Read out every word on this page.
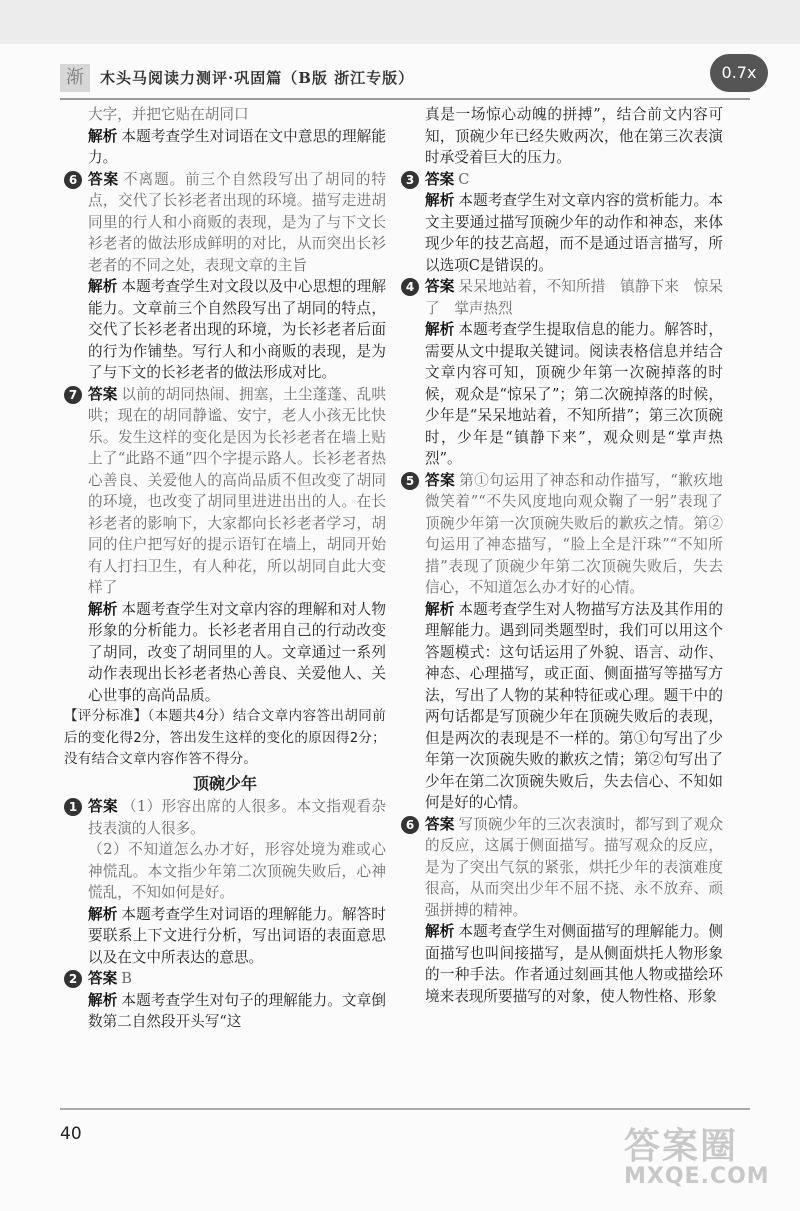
渐	木头马阅读力测评·巩固篇（B版 浙江专版）	0.7x

大字，并把它贴在胡同口

解析 本题考查学生对词语在文中意思的理解能力。

6 答案 不离题。前三个自然段写出了胡同的特点，交代了长衫老者出现的环境。描写走进胡同里的行人和小商贩的表现，是为了与下文长衫老者的做法形成鲜明的对比，从而突出长衫老者的不同之处，表现文章的主旨

解析 本题考查学生对文段以及中心思想的理解能力。文章前三个自然段写出了胡同的特点，交代了长衫老者出现的环境，为长衫老者后面的行为作铺垫。写行人和小商贩的表现，是为了与下文的长衫老者的做法形成对比。

7 答案 以前的胡同热闹、拥塞，土尘蓬蓬、乱哄哄；现在的胡同静谧、安宁，老人小孩无比快乐。发生这样的变化是因为长衫老者在墙上贴上了“此路不通”四个字提示路人。长衫老者热心善良、关爱他人的高尚品质不但改变了胡同的环境，也改变了胡同里进进出出的人。在长衫老者的影响下，大家都向长衫老者学习，胡同的住户把写好的提示语钉在墙上，胡同开始有人打扫卫生，有人种花，所以胡同自此大变样了

解析 本题考查学生对文章内容的理解和对人物形象的分析能力。长衫老者用自己的行动改变了胡同，改变了胡同里的人。文章通过一系列动作表现出长衫老者热心善良、关爱他人、关心世事的高尚品质。

【评分标准】（本题共4分）结合文章内容答出胡同前后的变化得2分，答出发生这样的变化的原因得2分；没有结合文章内容作答不得分。

顶碗少年

1 答案 （1）形容出席的人很多。本文指观看杂技表演的人很多。

（2）不知道怎么办才好，形容处境为难或心神慌乱。本文指少年第二次顶碗失败后，心神慌乱，不知如何是好。

解析 本题考查学生对词语的理解能力。解答时要联系上下文进行分析，写出词语的表面意思以及在文中所表达的意思。

2 答案 B

解析 本题考查学生对句子的理解能力。文章倒数第二自然段开头写“这

真是一场惊心动魄的拼搏”，结合前文内容可知，顶碗少年已经失败两次，他在第三次表演时承受着巨大的压力。

3 答案 C

解析 本题考查学生对文章内容的赏析能力。本文主要通过描写顶碗少年的动作和神态，来体现少年的技艺高超，而不是通过语言描写，所以选项C是错误的。

4 答案 呆呆地站着，不知所措　镇静下来　惊呆了　掌声热烈

解析 本题考查学生提取信息的能力。解答时，需要从文中提取关键词。阅读表格信息并结合文章内容可知，顶碗少年第一次碗掉落的时候，观众是“惊呆了”；第二次碗掉落的时候，少年是“呆呆地站着，不知所措”；第三次顶碗时，少年是“镇静下来”，观众则是“掌声热烈”。

5 答案 第①句运用了神态和动作描写，“歉疚地微笑着”“不失风度地向观众鞠了一躬”表现了顶碗少年第一次顶碗失败后的歉疚之情。第②句运用了神态描写，“脸上全是汗珠”“不知所措”表现了顶碗少年第二次顶碗失败后，失去信心，不知道怎么办才好的心情。

解析 本题考查学生对人物描写方法及其作用的理解能力。遇到同类题型时，我们可以用这个答题模式：这句话运用了外貌、语言、动作、神态、心理描写，或正面、侧面描写等描写方法，写出了人物的某种特征或心理。题干中的两句话都是写顶碗少年在顶碗失败后的表现，但是两次的表现是不一样的。第①句写出了少年第一次顶碗失败的歉疚之情；第②句写出了少年在第二次顶碗失败后，失去信心、不知如何是好的心情。

6 答案 写顶碗少年的三次表演时，都写到了观众的反应，这属于侧面描写。描写观众的反应，是为了突出气氛的紧张，烘托少年的表演难度很高，从而突出少年不屈不挠、永不放弃、顽强拼搏的精神。

解析 本题考查学生对侧面描写的理解能力。侧面描写也叫间接描写，是从侧面烘托人物形象的一种手法。作者通过刻画其他人物或描绘环境来表现所要描写的对象，使人物性格、形象

40	答案圈
MXQE.COM
